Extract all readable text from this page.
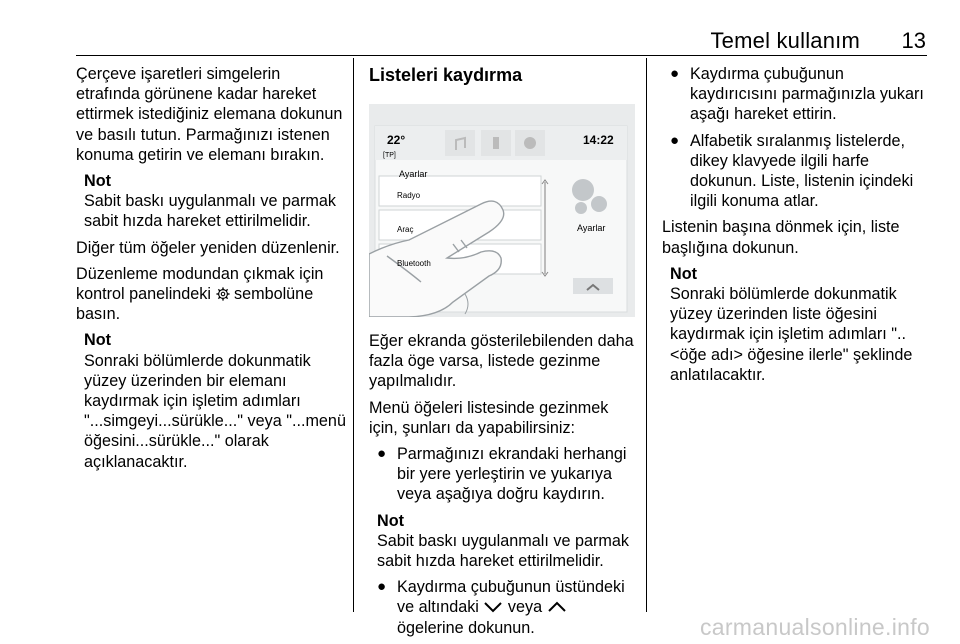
Temel kullanım	13

Çerçeve işaretleri simgelerin etrafında görünene kadar hareket ettirmek istediğiniz elemana dokunun ve basılı tutun. Parmağınızı istenen konuma getirin ve elemanı bırakın.

Not
Sabit baskı uygulanmalı ve parmak sabit hızda hareket ettirilmelidir.

Diğer tüm öğeler yeniden düzenlenir.

Düzenleme modundan çıkmak için kontrol panelindeki sembolüne basın.

Not
Sonraki bölümlerde dokunmatik yüzey üzerinden bir elemanı kaydırmak için işletim adımları "...simgeyi...sürükle..." veya "...menü öğesini...sürükle..." olarak açıklanacaktır.
Listeleri kaydırma
22°
[TP]
14:22
Ayarlar
Radyo
Araç
Bluetooth
Ayarlar

Eğer ekranda gösterilebilenden daha fazla öge varsa, listede gezinme yapılmalıdır.

Menü öğeleri listesinde gezinmek için, şunları da yapabilirsiniz:

● Parmağınızı ekrandaki herhangi bir yere yerleştirin ve yukarıya veya aşağıya doğru kaydırın.
Not
Sabit baskı uygulanmalı ve parmak sabit hızda hareket ettirilmelidir.
● Kaydırma çubuğunun üstündeki ve altındaki veya
ögelerine dokunun.
● Kaydırma çubuğunun kaydırıcısını parmağınızla yukarı aşağı hareket ettirin.
● Alfabetik sıralanmış listelerde, dikey klavyede ilgili harfe dokunun. Liste, listenin içindeki ilgili konuma atlar.

Listenin başına dönmek için, liste başlığına dokunun.

Not
Sonraki bölümlerde dokunmatik yüzey üzerinden liste öğesini kaydırmak için işletim adımları "..<öğe adı> öğesine ilerle" şeklinde anlatılacaktır.
carmanualsonline.info
